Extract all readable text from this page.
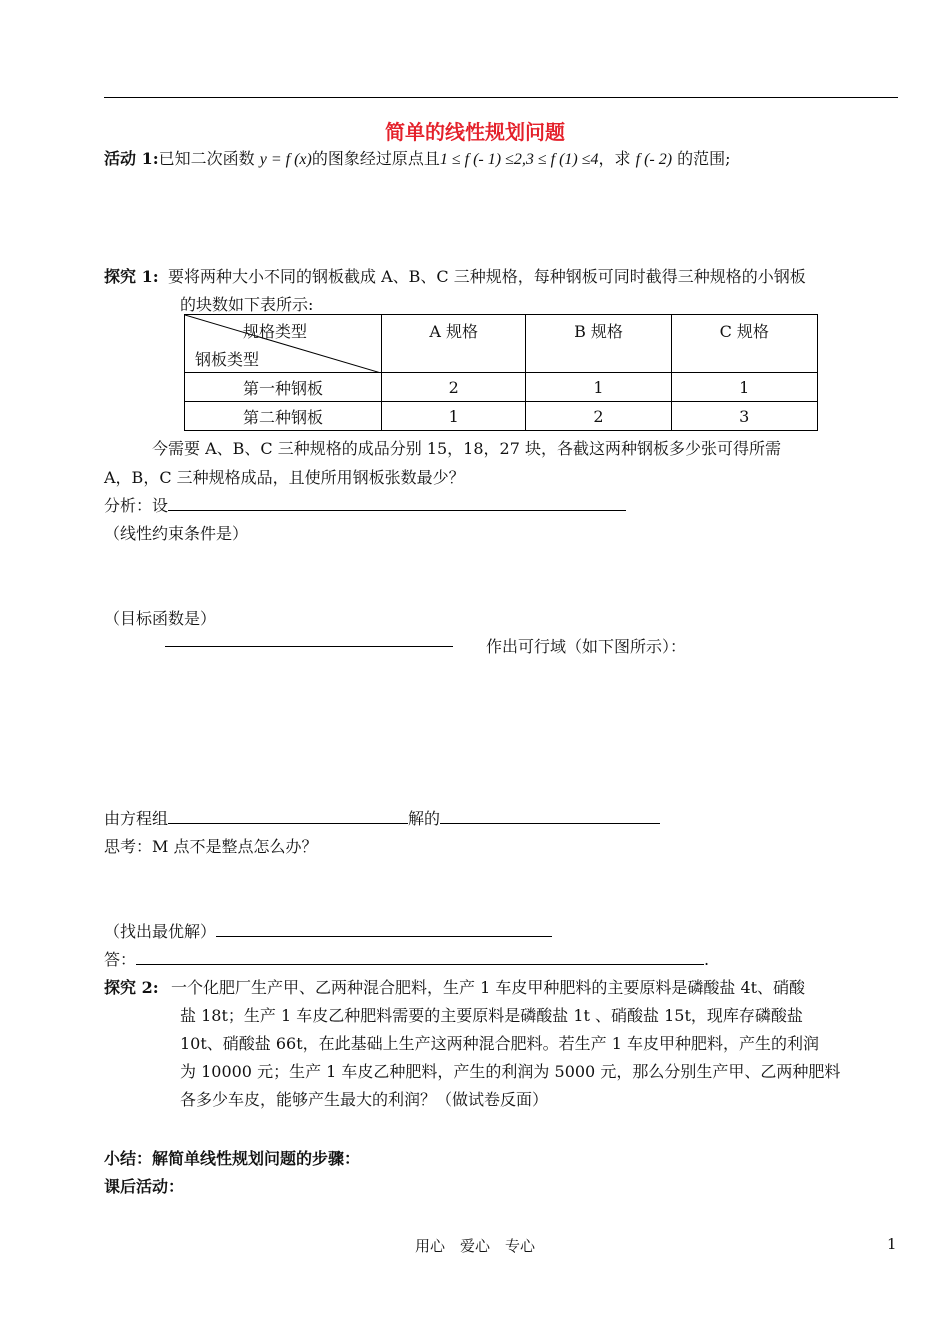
简单的线性规划问题
活动 1:已知二次函数 y = f (x)的图象经过原点且1 ≤ f (- 1) ≤2,3 ≤ f (1) ≤4，求 f (- 2) 的范围;
探究 1: 要将两种大小不同的钢板截成 A、B、C 三种规格，每种钢板可同时截得三种规格的小钢板
的块数如下表所示:
规格类型
钢板类型	A 规格	B 规格	C 规格
第一种钢板	2	1	1
第二种钢板	1	2	3
今需要 A、B、C 三种规格的成品分别 15，18，27 块，各截这两种钢板多少张可得所需
A，B，C 三种规格成品，且使所用钢板张数最少？
分析：设
（线性约束条件是）
（目标函数是）
作出可行域（如下图所示）：
由方程组	解的
思考：M 点不是整点怎么办？
（找出最优解）
答：	.
探究 2: 一个化肥厂生产甲、乙两种混合肥料，生产 1 车皮甲种肥料的主要原料是磷酸盐 4t、硝酸
盐 18t；生产 1 车皮乙种肥料需要的主要原料是磷酸盐 1t 、硝酸盐 15t，现库存磷酸盐
10t、硝酸盐 66t，在此基础上生产这两种混合肥料。若生产 1 车皮甲种肥料，产生的利润
为 10000 元；生产 1 车皮乙种肥料，产生的利润为 5000 元，那么分别生产甲、乙两种肥料
各多少车皮，能够产生最大的利润？（做试卷反面）
小结：解简单线性规划问题的步骤：
课后活动：
用心　爱心　专心	1
